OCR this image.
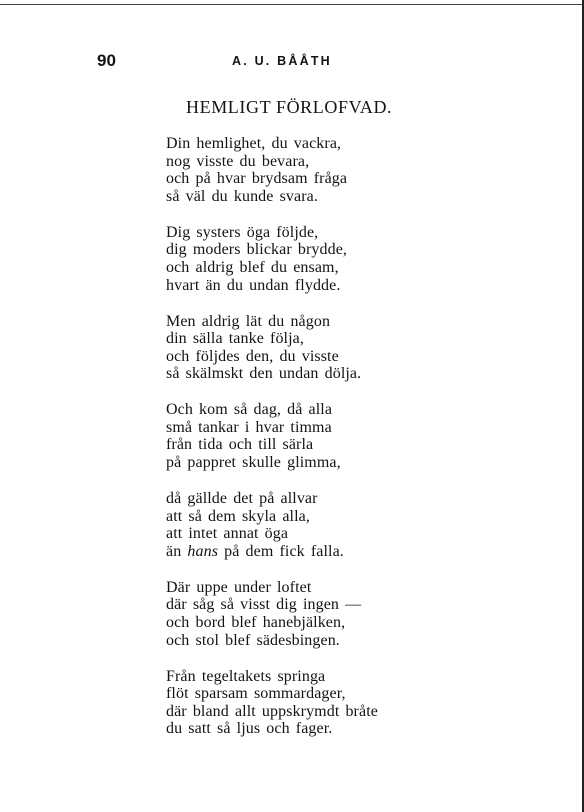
90	A. U. BÅÅTH
HEMLIGT FÖRLOFVAD.
Din hemlighet, du vackra,
nog visste du bevara,
och på hvar brydsam fråga
så väl du kunde svara.
Dig systers öga följde,
dig moders blickar brydde,
och aldrig blef du ensam,
hvart än du undan flydde.
Men aldrig lät du någon
din sälla tanke följa,
och följdes den, du visste
så skälmskt den undan dölja.
Och kom så dag, då alla
små tankar i hvar timma
från tida och till särla
på pappret skulle glimma,
då gällde det på allvar
att så dem skyla alla,
att intet annat öga
än hans på dem fick falla.
Där uppe under loftet
där såg så visst dig ingen —
och bord blef hanebjälken,
och stol blef sädesbingen.
Från tegeltakets springa
flöt sparsam sommardager,
där bland allt uppskrymdt bråte
du satt så ljus och fager.
